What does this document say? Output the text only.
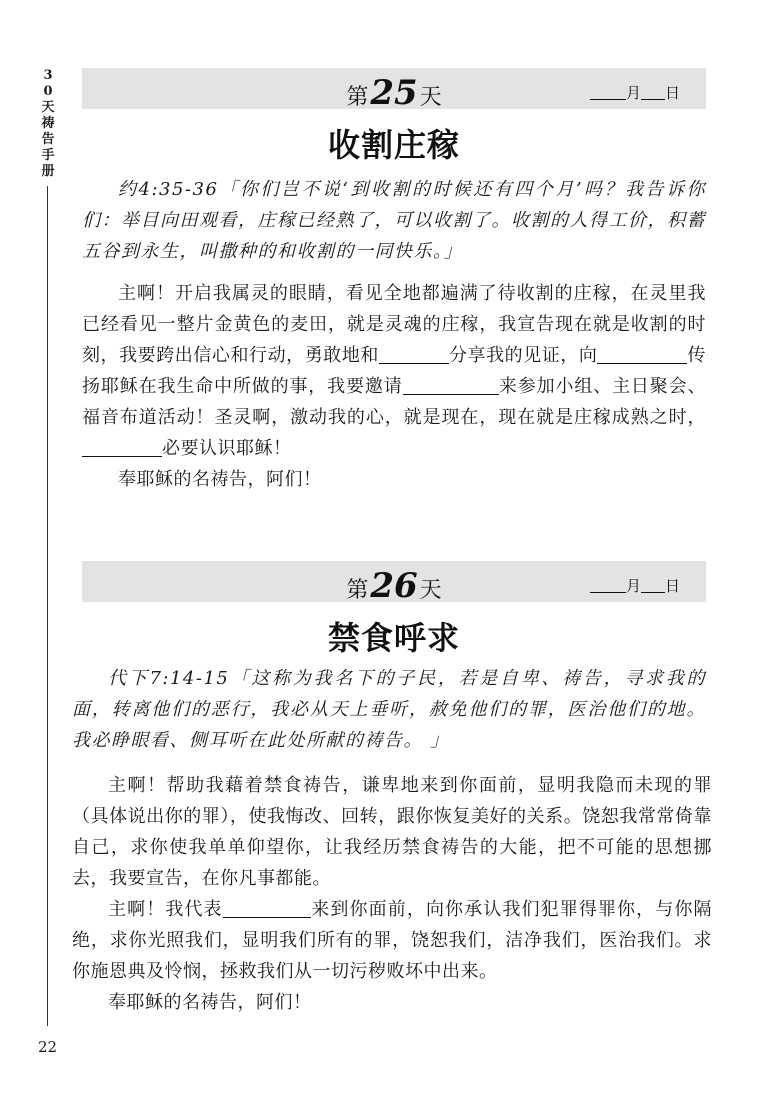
3
0
天
祷
告
手
册
22
第25天	月 日
收割庄稼

约4:35-36「你们岂不说‘到收割的时候还有四个月’吗？我告诉你们：举目向田观看，庄稼已经熟了，可以收割了。收割的人得工价，积蓄五谷到永生，叫撒种的和收割的一同快乐。」

主啊！开启我属灵的眼睛，看见全地都遍满了待收割的庄稼，在灵里我已经看见一整片金黄色的麦田，就是灵魂的庄稼，我宣告现在就是收割的时刻，我要跨出信心和行动，勇敢地和	分享我的见证，向	传扬耶稣在我生命中所做的事，我要邀请	来参加小组、主日聚会、福音布道活动！圣灵啊，激动我的心，就是现在，现在就是庄稼成熟之时，必要认识耶稣！

奉耶稣的名祷告，阿们！

第26天	月 日
禁食呼求

代下7:14-15「这称为我名下的子民，若是自卑、祷告，寻求我的面，转离他们的恶行，我必从天上垂听，赦免他们的罪，医治他们的地。我必睁眼看、侧耳听在此处所献的祷告。 」

主啊！帮助我藉着禁食祷告，谦卑地来到你面前，显明我隐而未现的罪（具体说出你的罪），使我悔改、回转，跟你恢复美好的关系。饶恕我常常倚靠自己，求你使我单单仰望你，让我经历禁食祷告的大能，把不可能的思想挪去，我要宣告，在你凡事都能。

主啊！我代表	来到你面前，向你承认我们犯罪得罪你，与你隔绝，求你光照我们，显明我们所有的罪，饶恕我们，洁净我们，医治我们。求你施恩典及怜悯，拯救我们从一切污秽败坏中出来。

奉耶稣的名祷告，阿们！
